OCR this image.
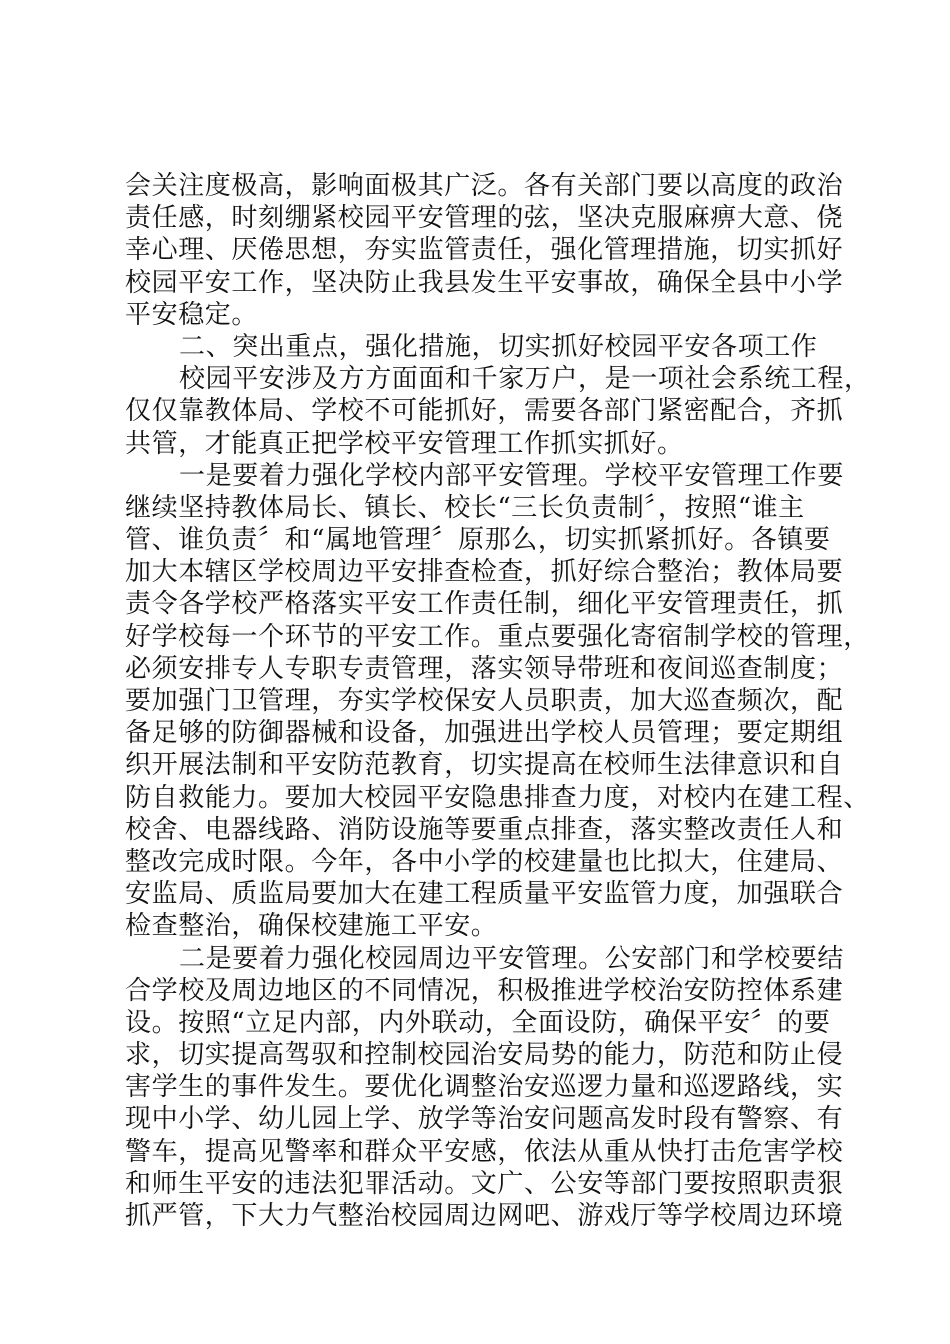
会关注度极高，影响面极其广泛。各有关部门要以高度的政治
责任感，时刻绷紧校园平安管理的弦，坚决克服麻痹大意、侥
幸心理、厌倦思想，夯实监管责任，强化管理措施，切实抓好
校园平安工作，坚决防止我县发生平安事故，确保全县中小学
平安稳定。
二、突出重点，强化措施，切实抓好校园平安各项工作
校园平安涉及方方面面和千家万户，是一项社会系统工程，
仅仅靠教体局、学校不可能抓好，需要各部门紧密配合，齐抓
共管，才能真正把学校平安管理工作抓实抓好。
一是要着力强化学校内部平安管理。学校平安管理工作要
继续坚持教体局长、镇长、校长“三长负责制〞，按照“谁主
管、谁负责〞和“属地管理〞原那么，切实抓紧抓好。各镇要
加大本辖区学校周边平安排查检查，抓好综合整治；教体局要
责令各学校严格落实平安工作责任制，细化平安管理责任，抓
好学校每一个环节的平安工作。重点要强化寄宿制学校的管理，
必须安排专人专职专责管理，落实领导带班和夜间巡查制度；
要加强门卫管理，夯实学校保安人员职责，加大巡查频次，配
备足够的防御器械和设备，加强进出学校人员管理；要定期组
织开展法制和平安防范教育，切实提高在校师生法律意识和自
防自救能力。要加大校园平安隐患排查力度，对校内在建工程、
校舍、电器线路、消防设施等要重点排查，落实整改责任人和
整改完成时限。今年，各中小学的校建量也比拟大，住建局、
安监局、质监局要加大在建工程质量平安监管力度，加强联合
检查整治，确保校建施工平安。
二是要着力强化校园周边平安管理。公安部门和学校要结
合学校及周边地区的不同情况，积极推进学校治安防控体系建
设。按照“立足内部，内外联动，全面设防，确保平安〞的要
求，切实提高驾驭和控制校园治安局势的能力，防范和防止侵
害学生的事件发生。要优化调整治安巡逻力量和巡逻路线，实
现中小学、幼儿园上学、放学等治安问题高发时段有警察、有
警车，提高见警率和群众平安感，依法从重从快打击危害学校
和师生平安的违法犯罪活动。文广、公安等部门要按照职责狠
抓严管，下大力气整治校园周边网吧、游戏厅等学校周边环境
